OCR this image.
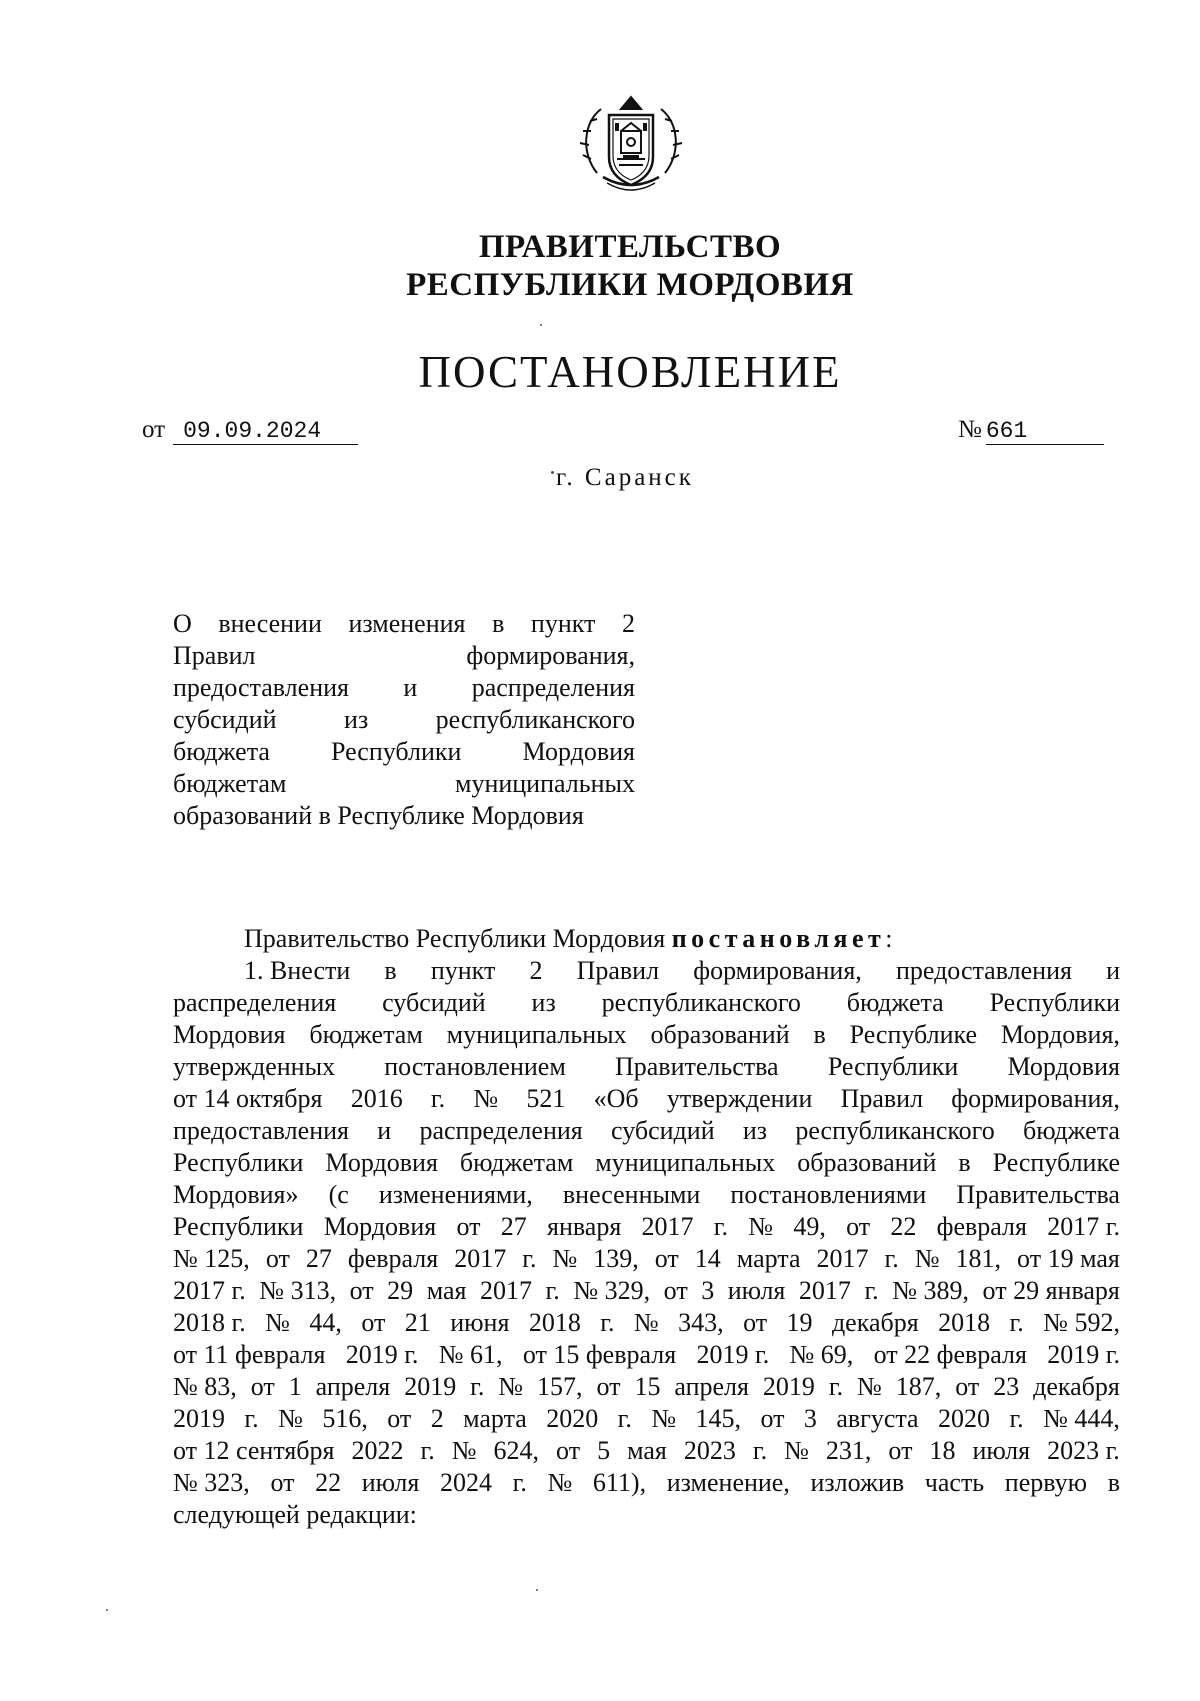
ПРАВИТЕЛЬСТВО
РЕСПУБЛИКИ МОРДОВИЯ
ПОСТАНОВЛЕНИЕ
от 09.09.2024	№ 661
г. Саранск
О внесении изменения в пункт 2
Правил	формирования,
предоставления и распределения
субсидий	из	республиканского
бюджета Республики Мордовия
бюджетам	муниципальных
образований в Республике Мордовия
Правительство Республики Мордовия постановляет:
1. Внести в пункт 2 Правил формирования, предоставления и
распределения субсидий из республиканского бюджета Республики
Мордовия бюджетам муниципальных образований в Республике Мордовия,
утвержденных постановлением Правительства Республики Мордовия
от 14 октября 2016 г. № 521 «Об утверждении Правил формирования,
предоставления и распределения субсидий из республиканского бюджета
Республики Мордовия бюджетам муниципальных образований в Республике
Мордовия» (с изменениями, внесенными постановлениями Правительства
Республики Мордовия от 27 января 2017 г. № 49, от 22 февраля 2017 г.
№ 125, от 27 февраля 2017 г. № 139, от 14 марта 2017 г. № 181, от 19 мая
2017 г. № 313, от 29 мая 2017 г. № 329, от 3 июля 2017 г. № 389, от 29 января
2018 г. № 44, от 21 июня 2018 г. № 343, от 19 декабря 2018 г. № 592,
от 11 февраля 2019 г. № 61, от 15 февраля 2019 г. № 69, от 22 февраля 2019 г.
№ 83, от 1 апреля 2019 г. № 157, от 15 апреля 2019 г. № 187, от 23 декабря
2019 г. № 516, от 2 марта 2020 г. № 145, от 3 августа 2020 г. № 444,
от 12 сентября 2022 г. № 624, от 5 мая 2023 г. № 231, от 18 июля 2023 г.
№ 323, от 22 июля 2024 г. № 611), изменение, изложив часть первую в
следующей редакции:
